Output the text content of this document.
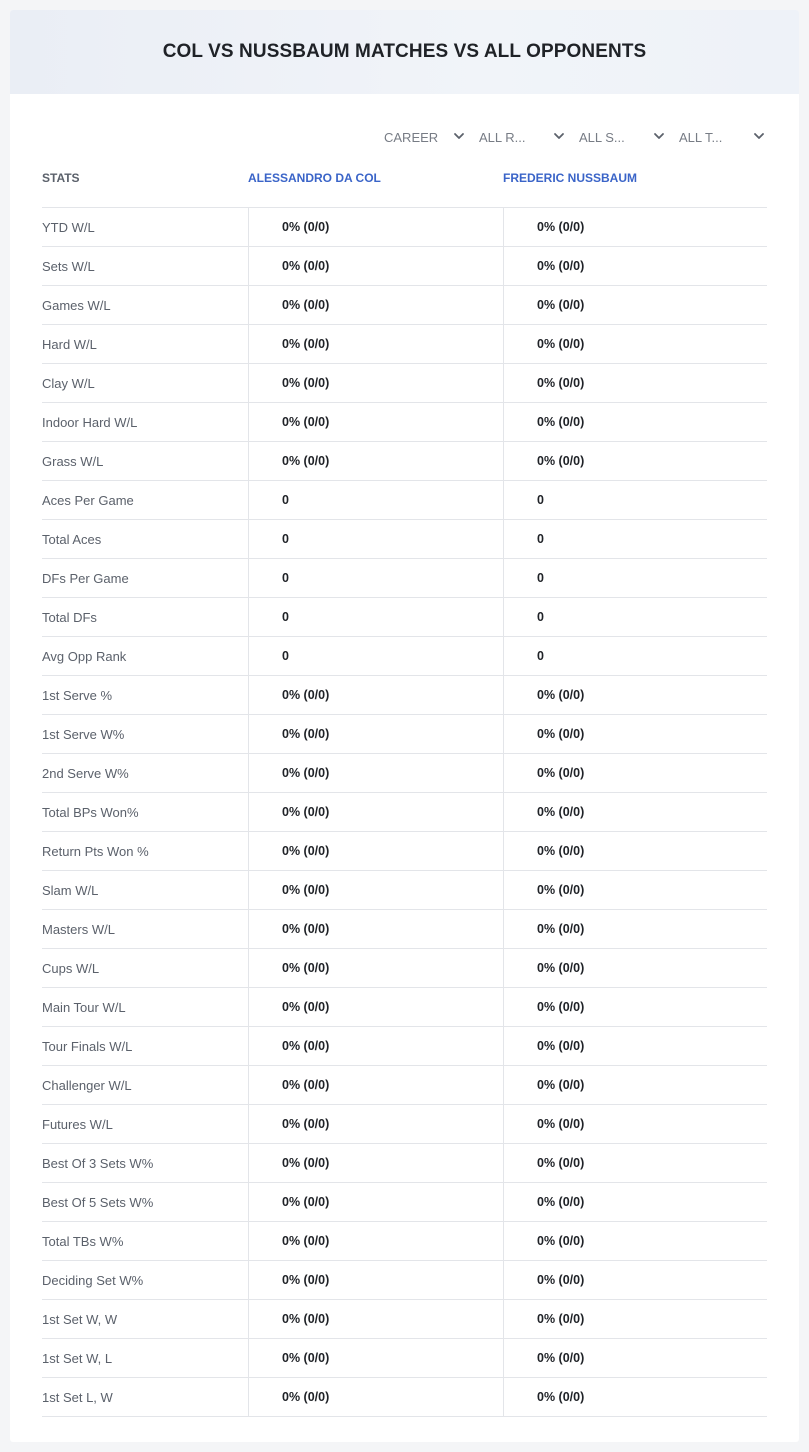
COL VS NUSSBAUM MATCHES VS ALL OPPONENTS
CAREER	ALL R...	ALL S...	ALL T...
STATS	ALESSANDRO DA COL	FREDERIC NUSSBAUM
YTD W/L	0% (0/0)	0% (0/0)
Sets W/L	0% (0/0)	0% (0/0)
Games W/L	0% (0/0)	0% (0/0)
Hard W/L	0% (0/0)	0% (0/0)
Clay W/L	0% (0/0)	0% (0/0)
Indoor Hard W/L	0% (0/0)	0% (0/0)
Grass W/L	0% (0/0)	0% (0/0)
Aces Per Game	0	0
Total Aces	0	0
DFs Per Game	0	0
Total DFs	0	0
Avg Opp Rank	0	0
1st Serve %	0% (0/0)	0% (0/0)
1st Serve W%	0% (0/0)	0% (0/0)
2nd Serve W%	0% (0/0)	0% (0/0)
Total BPs Won%	0% (0/0)	0% (0/0)
Return Pts Won %	0% (0/0)	0% (0/0)
Slam W/L	0% (0/0)	0% (0/0)
Masters W/L	0% (0/0)	0% (0/0)
Cups W/L	0% (0/0)	0% (0/0)
Main Tour W/L	0% (0/0)	0% (0/0)
Tour Finals W/L	0% (0/0)	0% (0/0)
Challenger W/L	0% (0/0)	0% (0/0)
Futures W/L	0% (0/0)	0% (0/0)
Best Of 3 Sets W%	0% (0/0)	0% (0/0)
Best Of 5 Sets W%	0% (0/0)	0% (0/0)
Total TBs W%	0% (0/0)	0% (0/0)
Deciding Set W%	0% (0/0)	0% (0/0)
1st Set W, W	0% (0/0)	0% (0/0)
1st Set W, L	0% (0/0)	0% (0/0)
1st Set L, W	0% (0/0)	0% (0/0)
